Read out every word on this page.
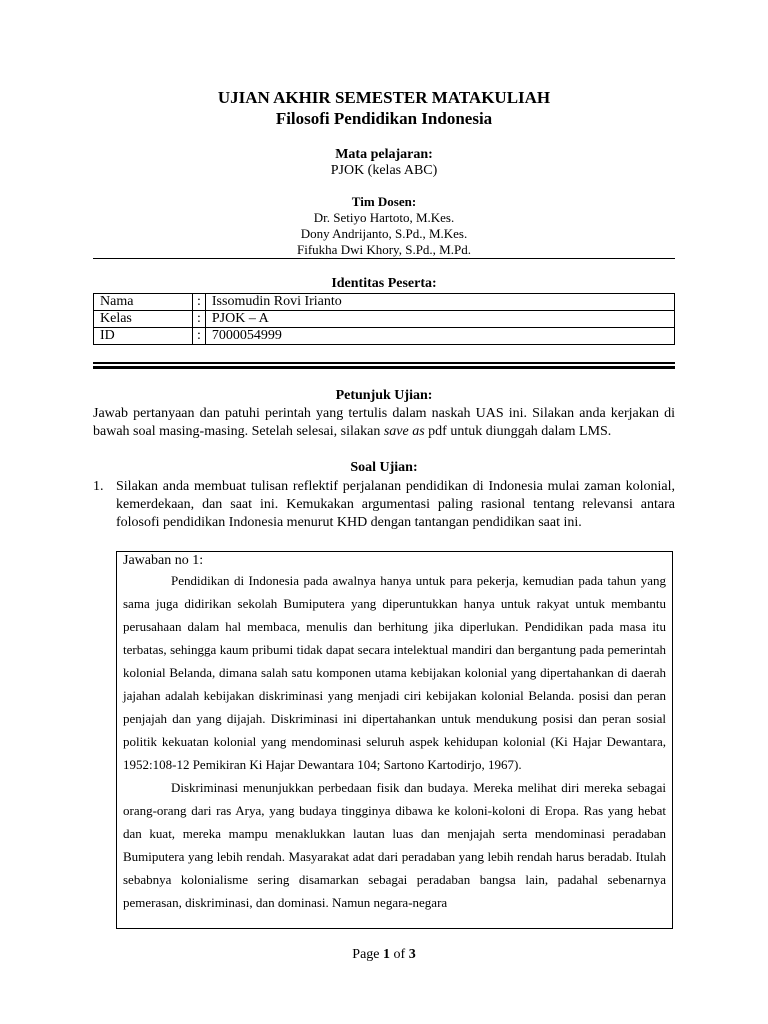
UJIAN AKHIR SEMESTER MATAKULIAH
Filosofi Pendidikan Indonesia
Mata pelajaran:
PJOK (kelas ABC)
Tim Dosen:
Dr. Setiyo Hartoto, M.Kes.
Dony Andrijanto, S.Pd., M.Kes.
Fifukha Dwi Khory, S.Pd., M.Pd.
Identitas Peserta:
Nama	:	Issomudin Rovi Irianto
Kelas	:	PJOK – A
ID	:	7000054999
Petunjuk Ujian:
Jawab pertanyaan dan patuhi perintah yang tertulis dalam naskah UAS ini. Silakan anda kerjakan di bawah soal masing-masing. Setelah selesai, silakan save as pdf untuk diunggah dalam LMS.
Soal Ujian:
1. Silakan anda membuat tulisan reflektif perjalanan pendidikan di Indonesia mulai zaman kolonial, kemerdekaan, dan saat ini. Kemukakan argumentasi paling rasional tentang relevansi antara folosofi pendidikan Indonesia menurut KHD dengan tantangan pendidikan saat ini.
Jawaban no 1:

Pendidikan di Indonesia pada awalnya hanya untuk para pekerja, kemudian pada tahun yang sama juga didirikan sekolah Bumiputera yang diperuntukkan hanya untuk rakyat untuk membantu perusahaan dalam hal membaca, menulis dan berhitung jika diperlukan. Pendidikan pada masa itu terbatas, sehingga kaum pribumi tidak dapat secara intelektual mandiri dan bergantung pada pemerintah kolonial Belanda, dimana salah satu komponen utama kebijakan kolonial yang dipertahankan di daerah jajahan adalah kebijakan diskriminasi yang menjadi ciri kebijakan kolonial Belanda. posisi dan peran penjajah dan yang dijajah. Diskriminasi ini dipertahankan untuk mendukung posisi dan peran sosial politik kekuatan kolonial yang mendominasi seluruh aspek kehidupan kolonial (Ki Hajar Dewantara, 1952:108-12 Pemikiran Ki Hajar Dewantara 104; Sartono Kartodirjo, 1967).

Diskriminasi menunjukkan perbedaan fisik dan budaya. Mereka melihat diri mereka sebagai orang-orang dari ras Arya, yang budaya tingginya dibawa ke koloni-koloni di Eropa. Ras yang hebat dan kuat, mereka mampu menaklukkan lautan luas dan menjajah serta mendominasi peradaban Bumiputera yang lebih rendah. Masyarakat adat dari peradaban yang lebih rendah harus beradab. Itulah sebabnya kolonialisme sering disamarkan sebagai peradaban bangsa lain, padahal sebenarnya pemerasan, diskriminasi, dan dominasi. Namun negara-negara

Page 1 of 3
